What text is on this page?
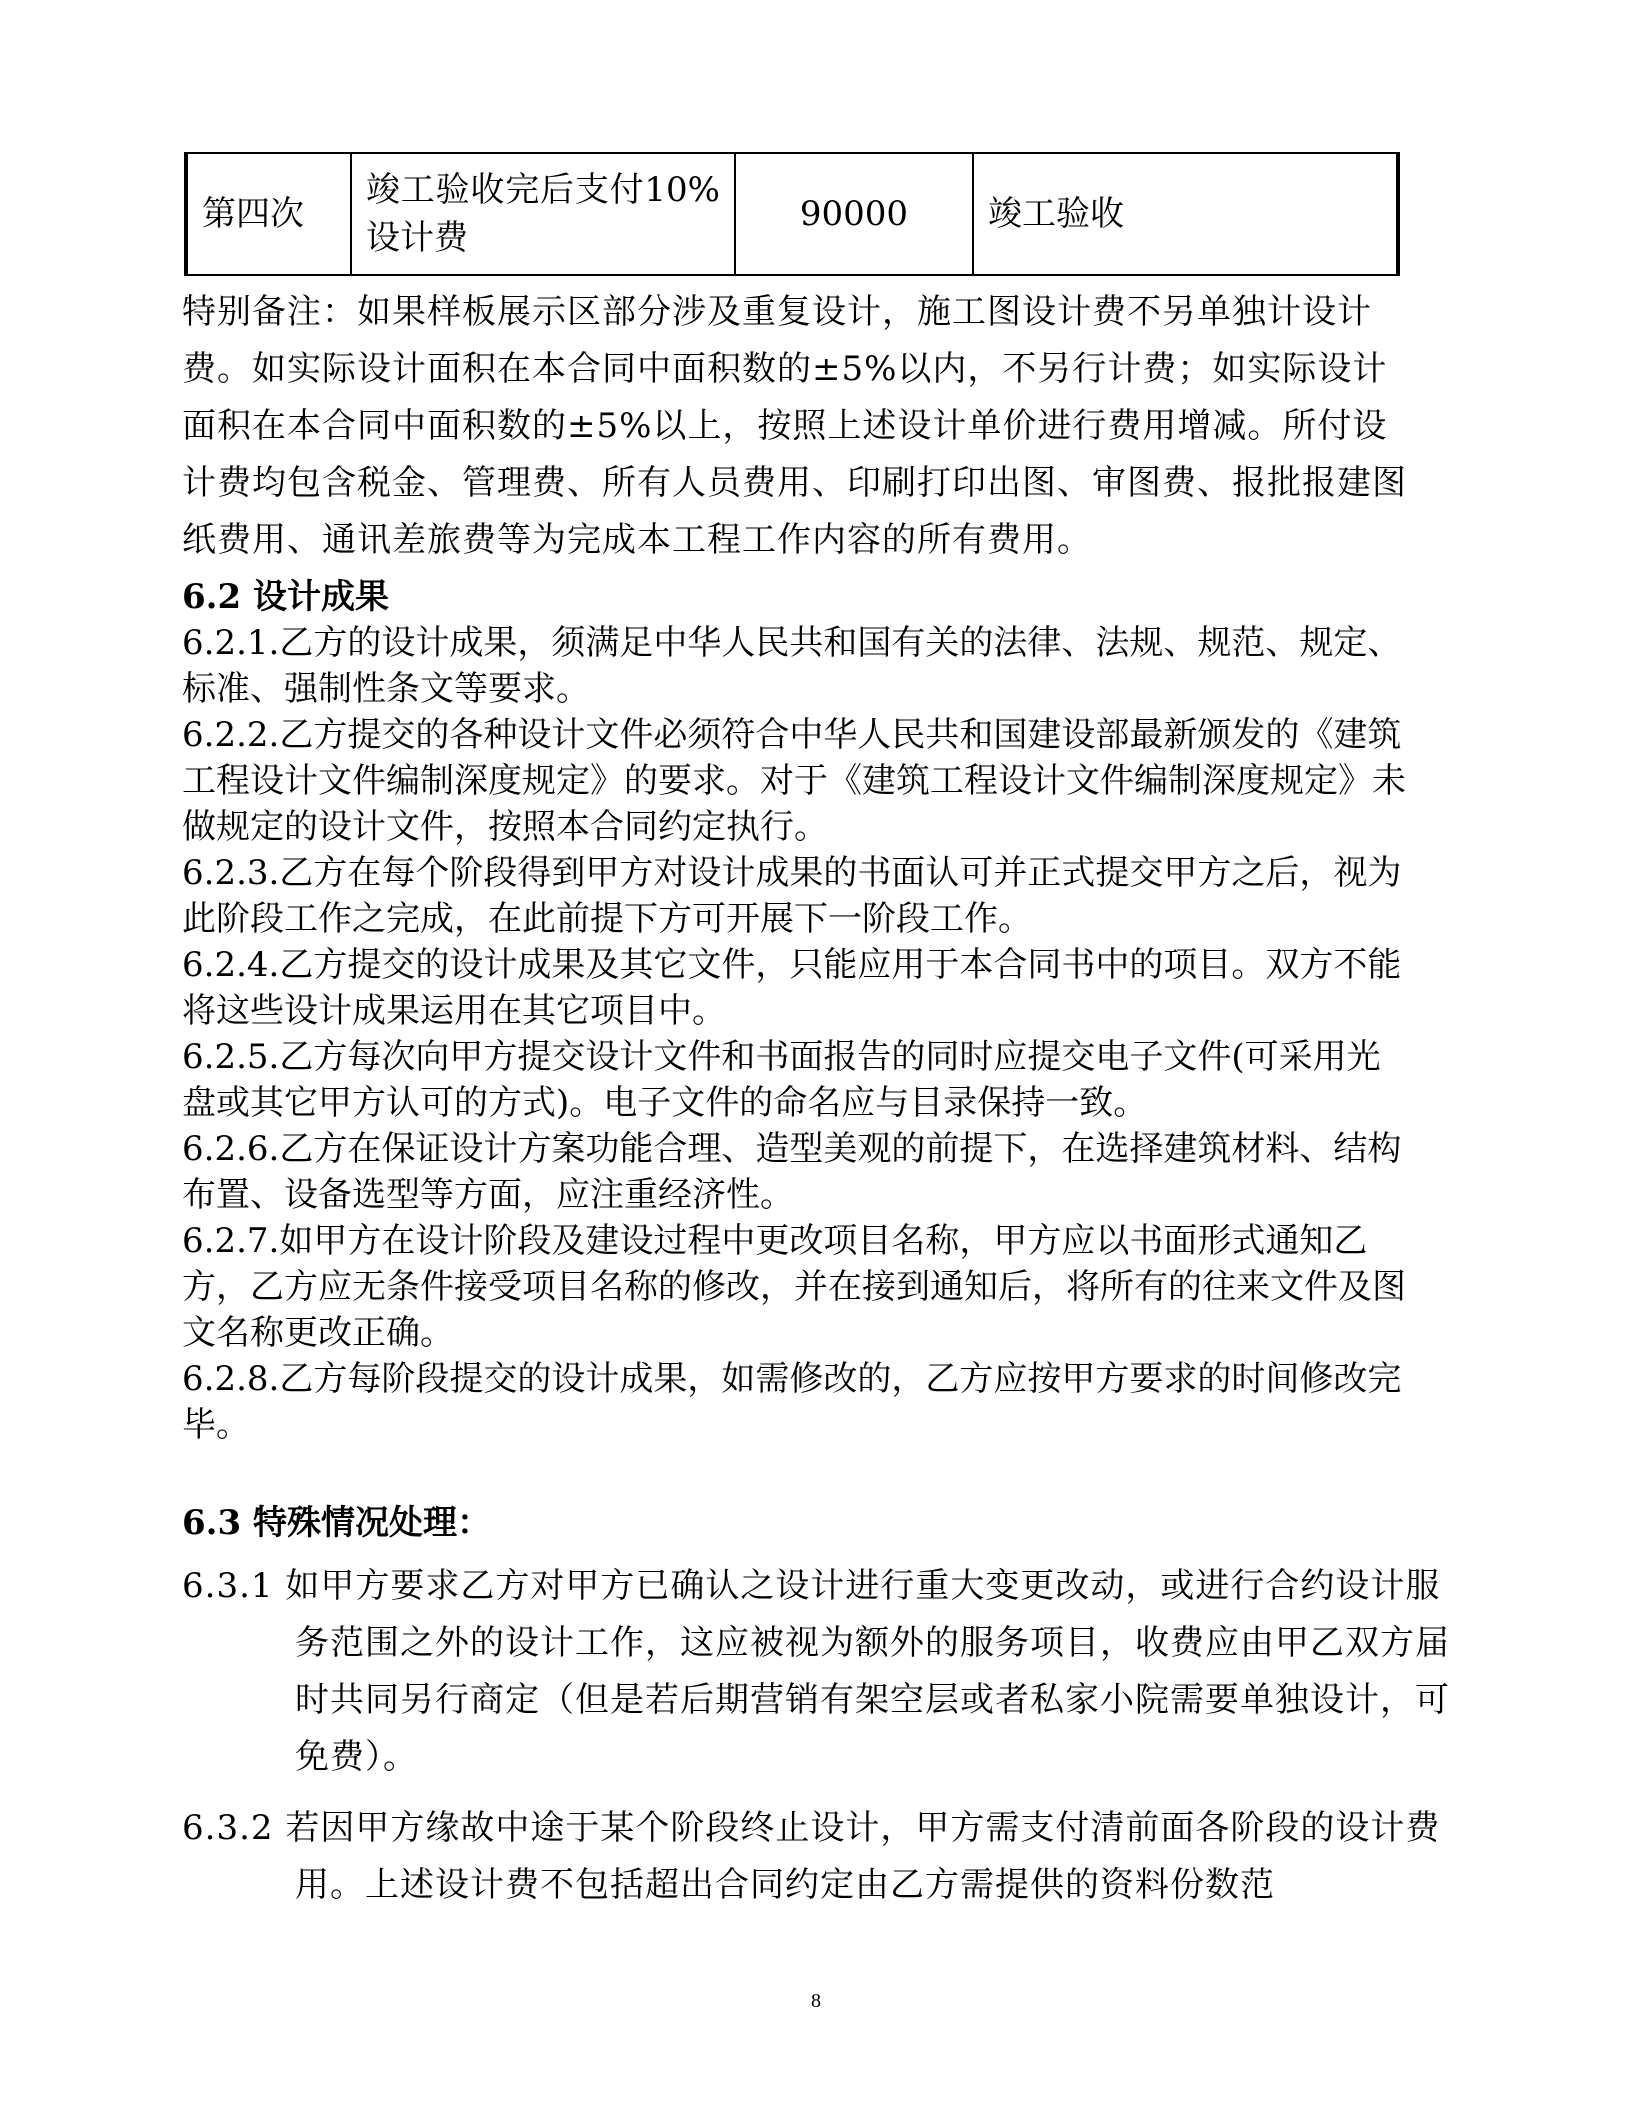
第四次	竣工验收完后支付10%设计费	90000	竣工验收
特别备注：如果样板展示区部分涉及重复设计，施工图设计费不另单独计设计费。如实际设计面积在本合同中面积数的±5%以内，不另行计费；如实际设计面积在本合同中面积数的±5%以上，按照上述设计单价进行费用增减。所付设计费均包含税金、管理费、所有人员费用、印刷打印出图、审图费、报批报建图纸费用、通讯差旅费等为完成本工程工作内容的所有费用。

6.2 设计成果

6.2.1.乙方的设计成果，须满足中华人民共和国有关的法律、法规、规范、规定、标准、强制性条文等要求。

6.2.2.乙方提交的各种设计文件必须符合中华人民共和国建设部最新颁发的《建筑工程设计文件编制深度规定》的要求。对于《建筑工程设计文件编制深度规定》未做规定的设计文件，按照本合同约定执行。

6.2.3.乙方在每个阶段得到甲方对设计成果的书面认可并正式提交甲方之后，视为此阶段工作之完成，在此前提下方可开展下一阶段工作。

6.2.4.乙方提交的设计成果及其它文件，只能应用于本合同书中的项目。双方不能将这些设计成果运用在其它项目中。

6.2.5.乙方每次向甲方提交设计文件和书面报告的同时应提交电子文件(可采用光盘或其它甲方认可的方式)。电子文件的命名应与目录保持一致。

6.2.6.乙方在保证设计方案功能合理、造型美观的前提下，在选择建筑材料、结构布置、设备选型等方面，应注重经济性。

6.2.7.如甲方在设计阶段及建设过程中更改项目名称，甲方应以书面形式通知乙方，乙方应无条件接受项目名称的修改，并在接到通知后，将所有的往来文件及图文名称更改正确。

6.2.8.乙方每阶段提交的设计成果，如需修改的，乙方应按甲方要求的时间修改完毕。

6.3 特殊情况处理：

6.3.1 如甲方要求乙方对甲方已确认之设计进行重大变更改动，或进行合约设计服务范围之外的设计工作，这应被视为额外的服务项目，收费应由甲乙双方届时共同另行商定（但是若后期营销有架空层或者私家小院需要单独设计，可免费）。

6.3.2 若因甲方缘故中途于某个阶段终止设计，甲方需支付清前面各阶段的设计费用。上述设计费不包括超出合同约定由乙方需提供的资料份数范

8
